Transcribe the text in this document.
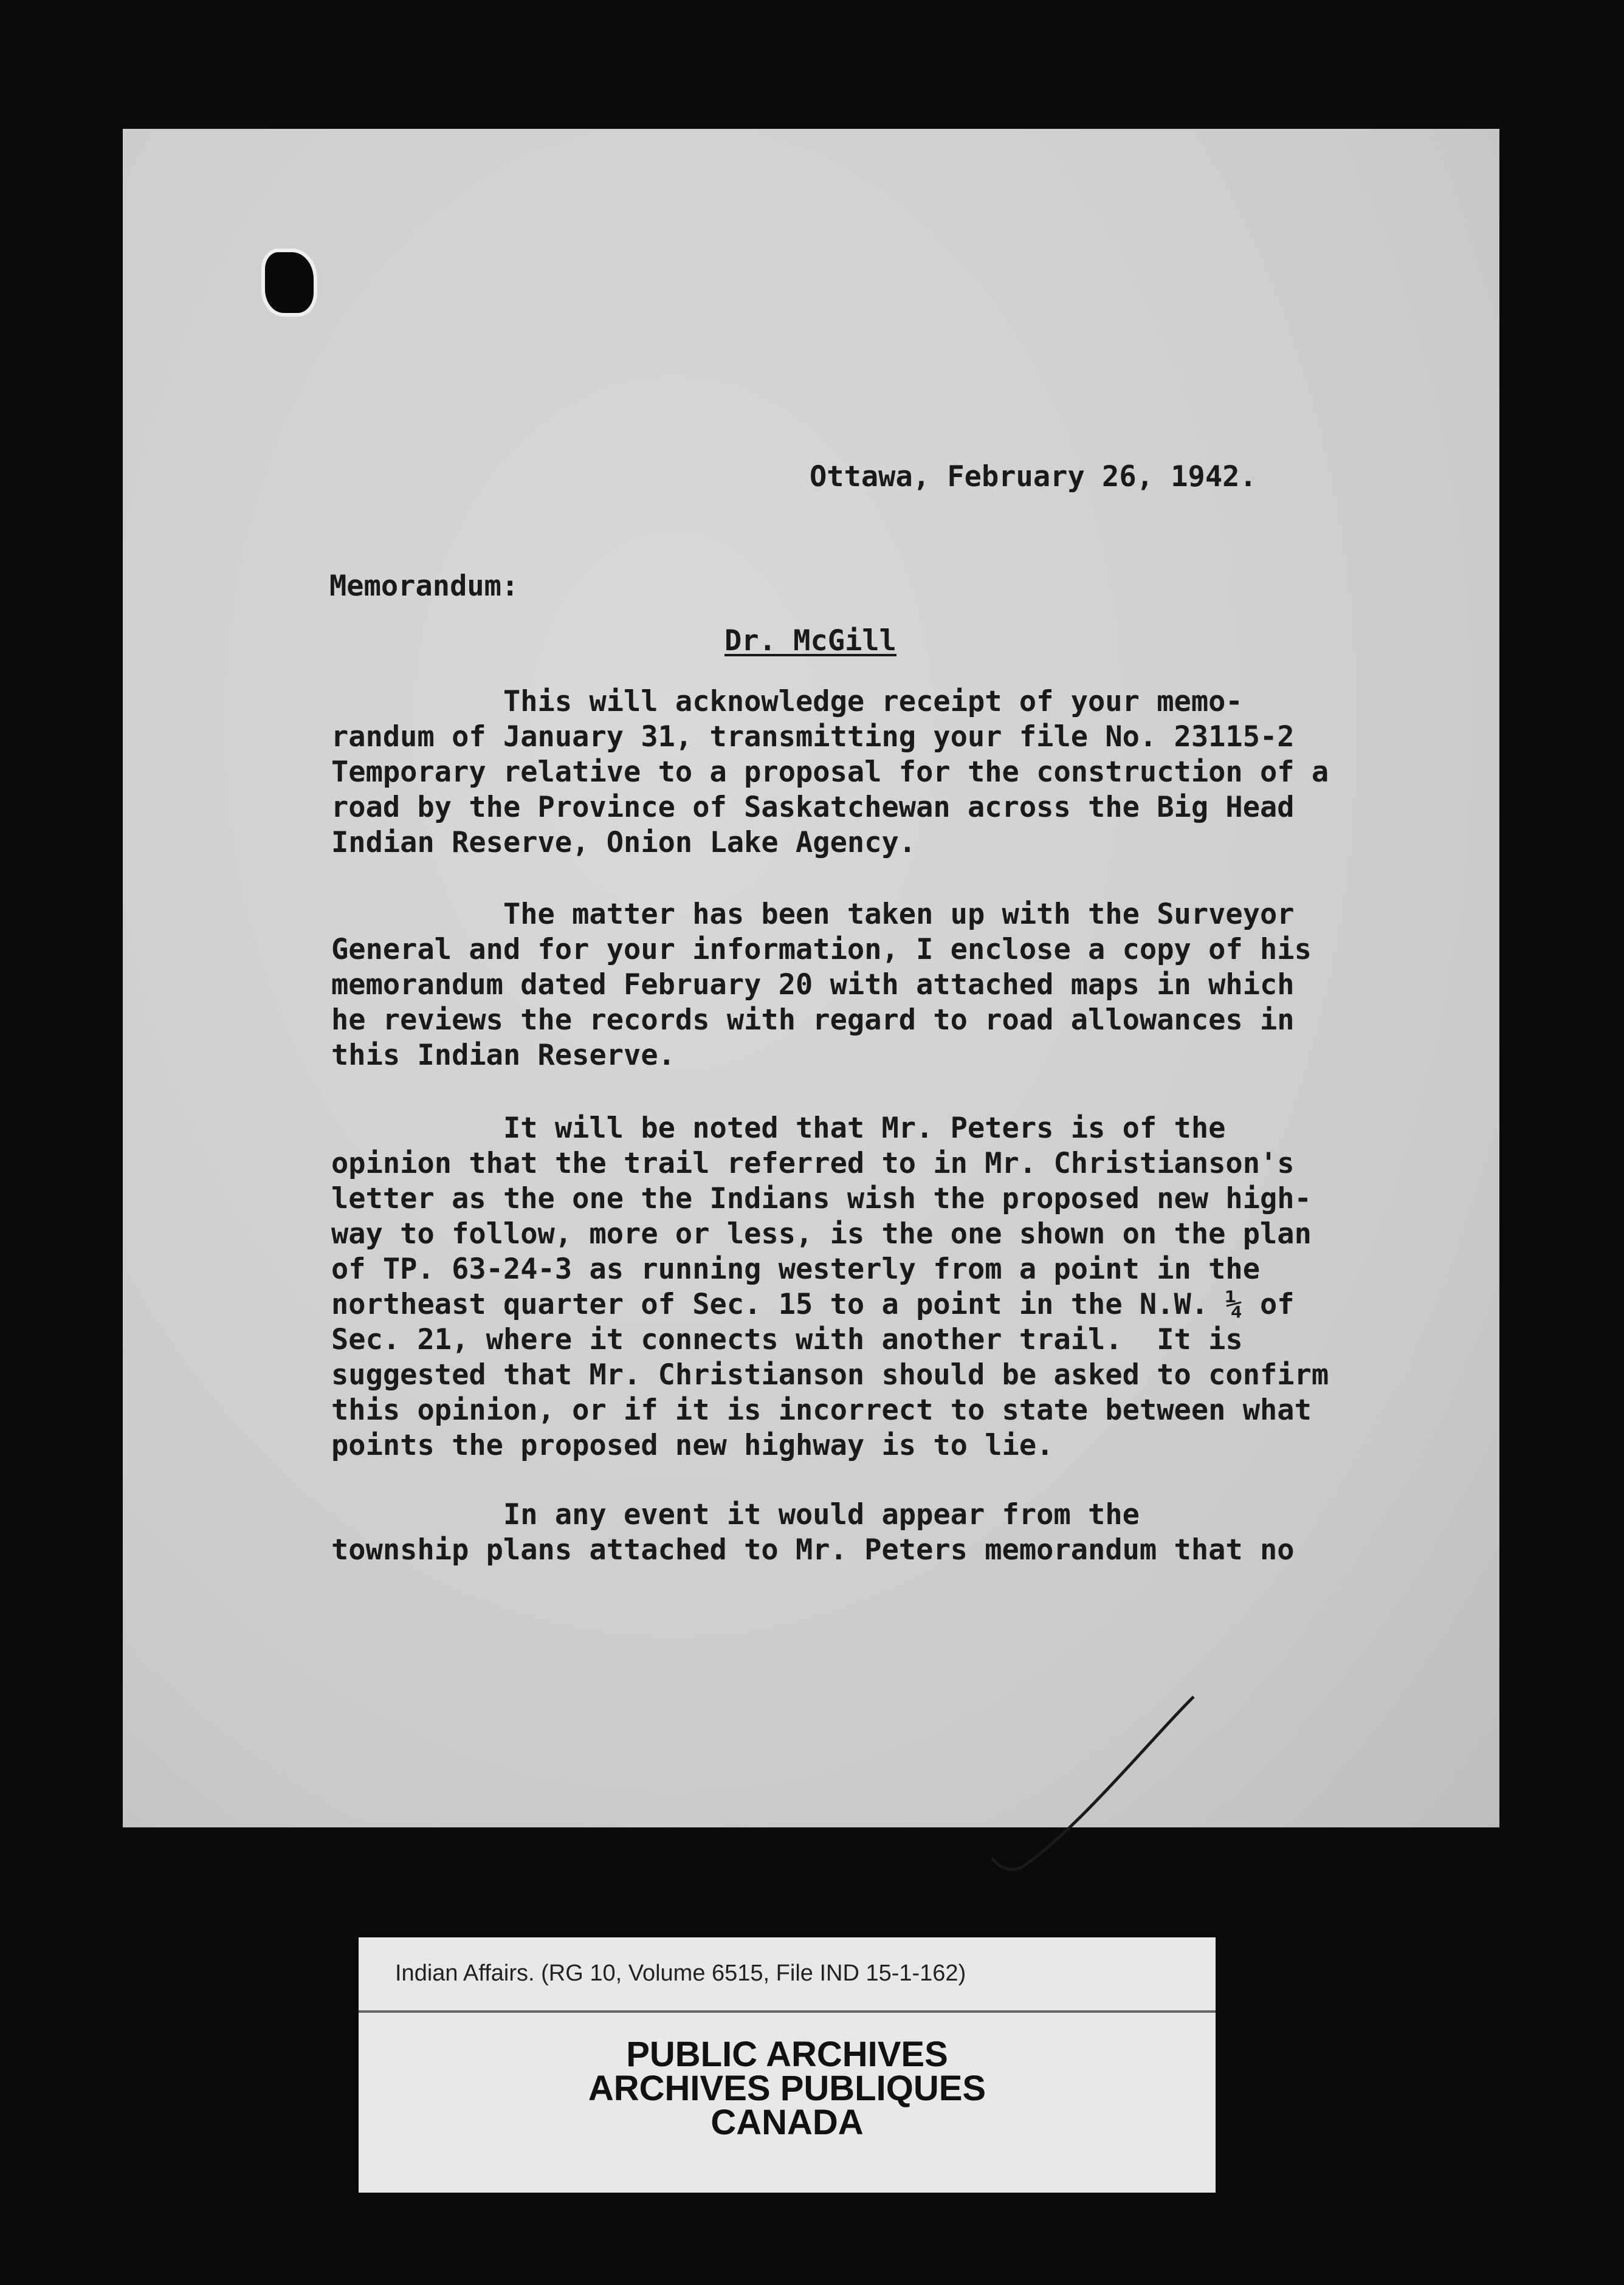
Ottawa, February 26, 1942.
Memorandum:
Dr. McGill

This will acknowledge receipt of your memo-

randum of January 31, transmitting your file No. 23115-2

Temporary relative to a proposal for the construction of a

road by the Province of Saskatchewan across the Big Head

Indian Reserve, Onion Lake Agency.

The matter has been taken up with the Surveyor

General and for your information, I enclose a copy of his

memorandum dated February 20 with attached maps in which

he reviews the records with regard to road allowances in

this Indian Reserve.

It will be noted that Mr. Peters is of the

opinion that the trail referred to in Mr. Christianson's

letter as the one the Indians wish the proposed new high-

way to follow, more or less, is the one shown on the plan

of TP. 63-24-3 as running westerly from a point in the

northeast quarter of Sec. 15 to a point in the N.W. ¼ of

Sec. 21, where it connects with another trail.  It is

suggested that Mr. Christianson should be asked to confirm

this opinion, or if it is incorrect to state between what

points the proposed new highway is to lie.

In any event it would appear from the

township plans attached to Mr. Peters memorandum that no

Indian Affairs. (RG 10, Volume 6515, File IND 15-1-162)
PUBLIC ARCHIVES
ARCHIVES PUBLIQUES
CANADA
